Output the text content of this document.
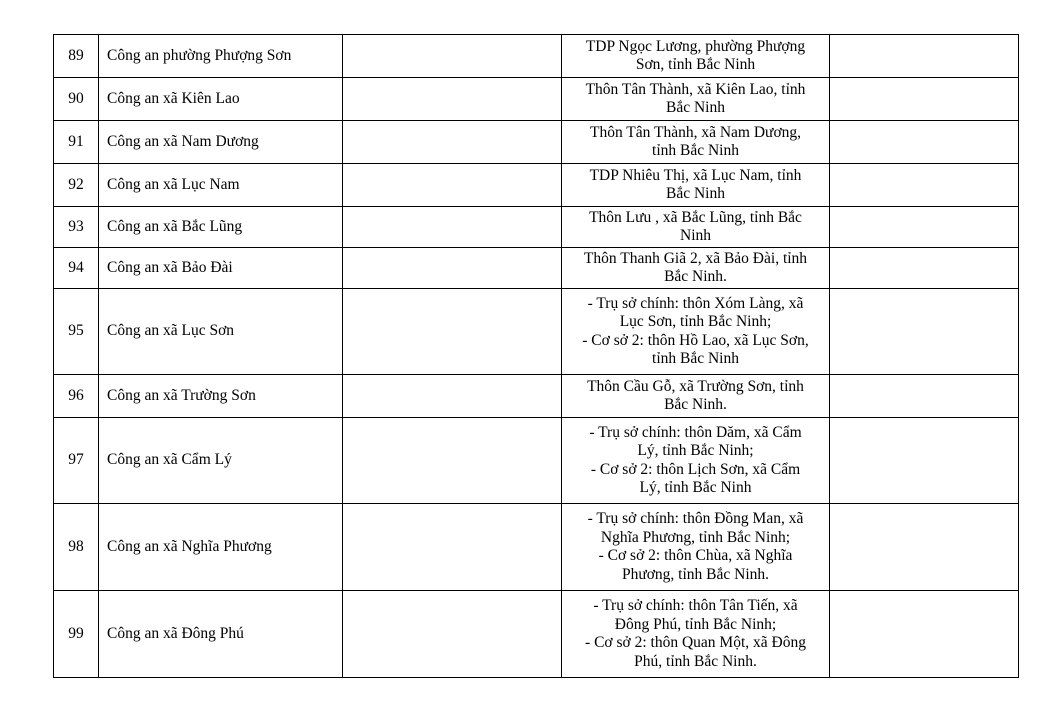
89	Công an phường Phượng Sơn		TDP Ngọc Lương, phường Phượng
Sơn, tỉnh Bắc Ninh	

90	Công an xã Kiên Lao		Thôn Tân Thành, xã Kiên Lao, tỉnh
Bắc Ninh	

91	Công an xã Nam Dương		Thôn Tân Thành, xã Nam Dương,
tỉnh Bắc Ninh	

92	Công an xã Lục Nam		TDP Nhiêu Thị, xã Lục Nam, tỉnh
Bắc Ninh	

93	Công an xã Bắc Lũng		Thôn Lưu , xã Bắc Lũng, tỉnh Bắc
Ninh	

94	Công an xã Bảo Đài		Thôn Thanh Giã 2, xã Bảo Đài, tỉnh
Bắc Ninh.	

95	Công an xã Lục Sơn		- Trụ sở chính: thôn Xóm Làng, xã
Lục Sơn, tỉnh Bắc Ninh;
- Cơ sở 2: thôn Hồ Lao, xã Lục Sơn,
tỉnh Bắc Ninh	

96	Công an xã Trường Sơn		Thôn Cầu Gỗ, xã Trường Sơn, tỉnh
Bắc Ninh.	

97	Công an xã Cẩm Lý		- Trụ sở chính: thôn Dăm, xã Cẩm
Lý, tỉnh Bắc Ninh;
- Cơ sở 2: thôn Lịch Sơn, xã Cẩm
Lý, tỉnh Bắc Ninh	

98	Công an xã Nghĩa Phương		- Trụ sở chính: thôn Đồng Man, xã
Nghĩa Phương, tỉnh Bắc Ninh;
- Cơ sở 2: thôn Chùa, xã Nghĩa
Phương, tỉnh Bắc Ninh.	

99	Công an xã Đông Phú		- Trụ sở chính: thôn Tân Tiến, xã
Đông Phú, tỉnh Bắc Ninh;
- Cơ sở 2: thôn Quan Một, xã Đông
Phú, tỉnh Bắc Ninh.	
